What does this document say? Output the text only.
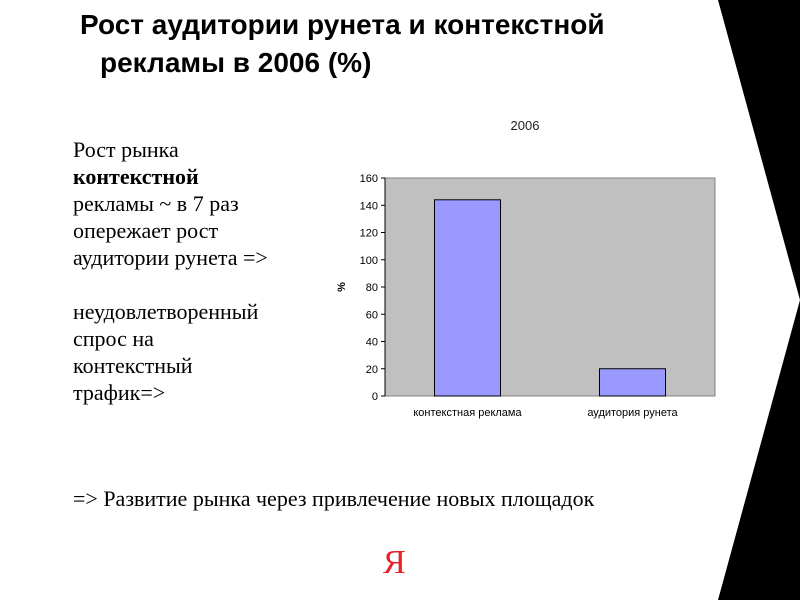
Рост аудитории рунета и контекстной
рекламы в 2006 (%)

Рост рынка

контекстной

рекламы ~ в 7 раз

опережает рост

аудитории рунета =>

неудовлетворенный

спрос на

контекстный

трафик=>

=> Развитие рынка через привлечение новых площадок
2006
0
20
40
60
80
100
120
140
160
контекстная реклама	аудитория рунета
%
Я
